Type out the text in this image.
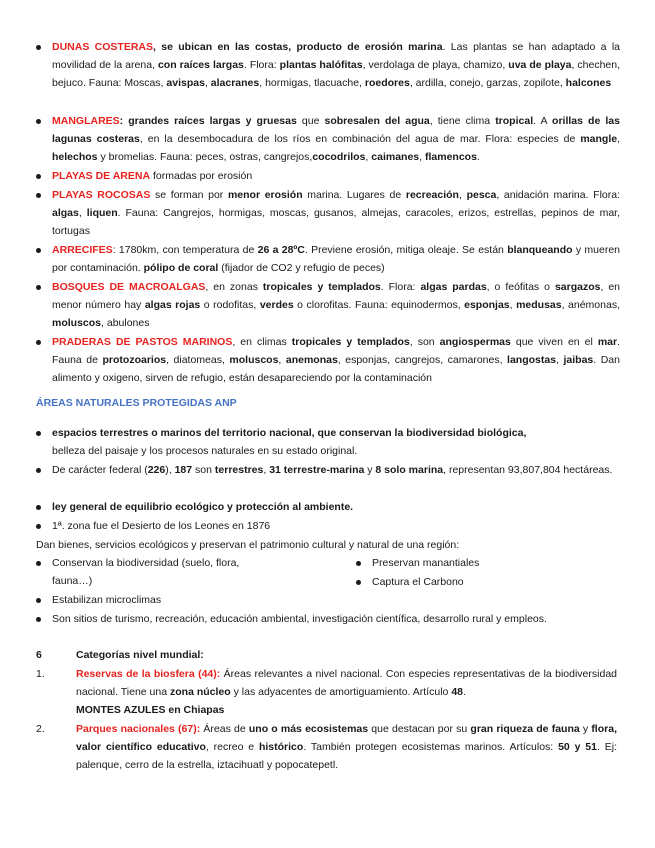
DUNAS COSTERAS, se ubican en las costas, producto de erosión marina. Las plantas se han adaptado a la movilidad de la arena, con raíces largas. Flora: plantas halófitas, verdolaga de playa, chamizo, uva de playa, chechen, bejuco. Fauna: Moscas, avispas, alacranes, hormigas, tlacuache, roedores, ardilla, conejo, garzas, zopilote, halcones
MANGLARES: grandes raíces largas y gruesas que sobresalen del agua, tiene clima tropical. A orillas de las lagunas costeras, en la desembocadura de los ríos en combinación del agua de mar. Flora: especies de mangle, helechos y bromelias. Fauna: peces, ostras, cangrejos,cocodrilos, caimanes, flamencos.
PLAYAS DE ARENA formadas por erosión
PLAYAS ROCOSAS se forman por menor erosión marina. Lugares de recreación, pesca, anidación marina. Flora: algas, liquen. Fauna: Cangrejos, hormigas, moscas, gusanos, almejas, caracoles, erizos, estrellas, pepinos de mar, tortugas
ARRECIFES: 1780km, con temperatura de 26 a 28ºC. Previene erosión, mitiga oleaje. Se están blanqueando y mueren por contaminación. pólipo de coral (fijador de CO2 y refugio de peces)
BOSQUES DE MACROALGAS, en zonas tropicales y templados. Flora: algas pardas, o feófitas o sargazos, en menor número hay algas rojas o rodofitas, verdes o clorofitas. Fauna: equinodermos, esponjas, medusas, anémonas, moluscos, abulones
PRADERAS DE PASTOS MARINOS, en climas tropicales y templados, son angiospermas que viven en el mar. Fauna de protozoarios, diatomeas, moluscos, anemonas, esponjas, cangrejos, camarones, langostas, jaibas. Dan alimento y oxigeno, sirven de refugio, están desapareciendo por la contaminación
ÁREAS NATURALES PROTEGIDAS ANP
espacios terrestres o marinos del territorio nacional, que conservan la biodiversidad biológica,
belleza del paisaje y los procesos naturales en su estado original.
De carácter federal (226), 187 son terrestres, 31 terrestre-marina y 8 solo marina, representan 93,807,804 hectáreas.
ley general de equilibrio ecológico y protección al ambiente.
1ª. zona fue el Desierto de los Leones en 1876
Dan bienes, servicios ecológicos y preservan el patrimonio cultural y natural de una región:
Conservan la biodiversidad (suelo, flora,
fauna…)
Preservan manantiales
Captura el Carbono
Estabilizan microclimas
Son sitios de turismo, recreación, educación ambiental, investigación científica, desarrollo rural y empleos.
6	Categorías nivel mundial:
1.	Reservas de la biosfera (44): Áreas relevantes a nivel nacional. Con especies representativas de la biodiversidad nacional. Tiene una zona núcleo y las adyacentes de amortiguamiento. Artículo 48.
MONTES AZULES en Chiapas
2.	Parques nacionales (67): Áreas de uno o más ecosistemas que destacan por su gran riqueza de fauna y flora, valor científico educativo, recreo e histórico. También protegen ecosistemas marinos. Artículos: 50 y 51. Ej: palenque, cerro de la estrella, iztacihuatl y popocatepetl.
